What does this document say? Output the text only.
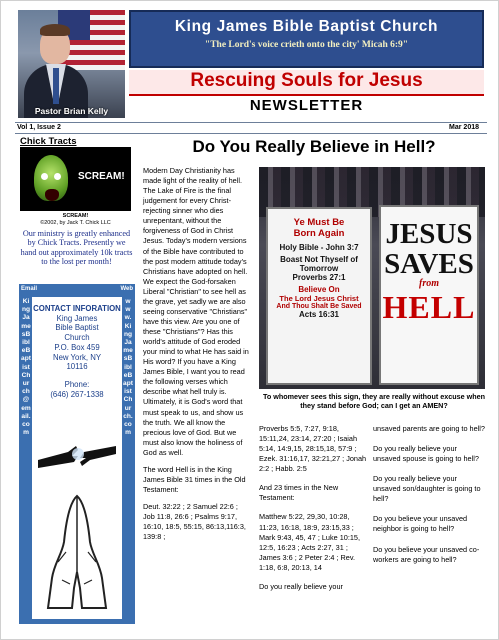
Pastor Brian Kelly
King James Bible Baptist Church
"The Lord's voice crieth onto the city' Micah 6:9"
Rescuing Souls for Jesus
NEWSLETTER
Vol 1, Issue 2	Mar 2018
Chick Tracts
SCREAM!
SCREAM!
©2002, by Jack T. Chick LLC
Our ministry is greatly enhanced by Chick Tracts. Presently we hand out approximately 10k tracts to the lost per month!
Email	Web
KingJamesBibleBaptistChurch@email.com
www.KingJamesBibleBaptistChurch.com
CONTACT INFORATION
King James
Bible Baptist
Church
P.O. Box 459
New York, NY
10116
Phone:
(646) 267-1338
Do You Really Believe in Hell?

Modern Day Christianity has made light of the reality of hell. The Lake of Fire is the final judgement for every Christ-rejecting sinner who dies unrepentant, without the forgiveness of God in Christ Jesus. Today's modern versions of the Bible have contributed to the post modern attitude today's Christians have adopted on hell. We expect the God-forsaken Liberal "Christian" to see hell as the grave, yet sadly we are also seeing conservative "Christians" have this view. Are you one of these "Christians"? Has this world's attitude of God eroded your mind to what He has said in His word? If you have a King James Bible, I want you to read the following verses which describe what hell truly is. Ultimately, it is God's word that must speak to us, and show us the truth. We all know the precious love of God. But we must also know the holiness of God as well.

The word Hell is in the King James Bible 31 times in the Old Testament:

Deut. 32:22 ; 2 Samuel 22:6 ; Job 11:8, 26:6 ; Psalms 9:17, 16:10, 18:5, 55:15, 86:13,116:3, 139:8 ;

Ye Must Be
Born Again
Holy Bible - John 3:7
Boast Not Thyself of
Tomorrow
Proverbs 27:1
Believe On
The Lord Jesus Christ
And Thou Shalt Be Saved
Acts 16:31
JESUS
SAVES
from
HELL
To whomever sees this sign, they are really without excuse when they stand before God; can I get an AMEN?

Proverbs 5:5, 7:27, 9:18, 15:11,24, 23:14, 27:20 ; Isaiah 5:14, 14:9,15, 28:15,18, 57:9 ; Ezek. 31:16,17, 32:21,27 ; Jonah 2:2 ; Habb. 2:5

And 23 times in the New Testament:

Matthew 5:22, 29,30, 10:28, 11:23, 16:18, 18:9, 23:15,33 ; Mark 9:43, 45, 47 ; Luke 10:15, 12:5, 16:23 ; Acts 2:27, 31 ; James 3:6 ; 2 Peter 2:4 ; Rev. 1:18, 6:8, 20:13, 14

Do you really believe your

unsaved parents are going to hell?

Do you really believe your unsaved spouse is going to hell?

Do you really believe your unsaved son/daughter is going to hell?

Do you believe your unsaved neighbor is going to hell?

Do you believe your unsaved co-workers are going to hell?
